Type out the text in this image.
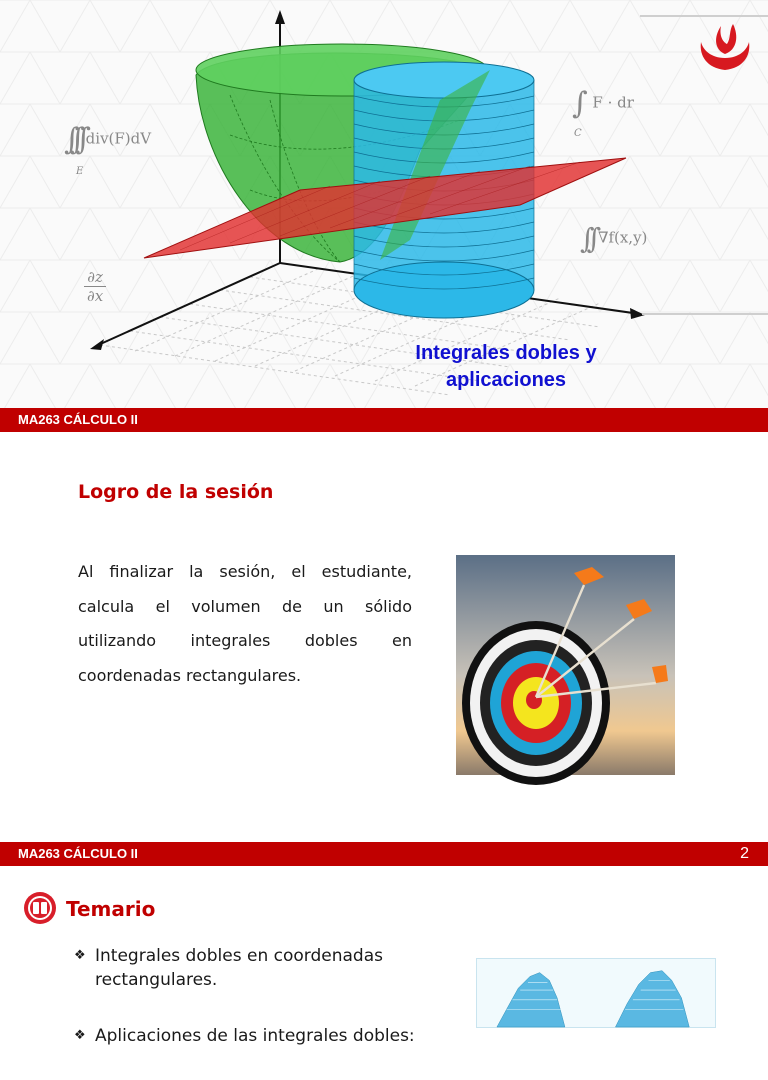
∫∫∫ div(F)dV
E
∫ F · dr
C
∫∫ ∇f(x,y)
$\frac{\partial z}{\partial x}$
Integrales dobles y aplicaciones
MA263 CÁLCULO II
Logro de la sesión
Al finalizar la sesión, el estudiante, calcula el volumen de un sólido utilizando integrales dobles en coordenadas rectangulares.
MA263 CÁLCULO II	2
Temario
❖ Integrales dobles en coordenadas rectangulares.
❖ Aplicaciones de las integrales dobles:
